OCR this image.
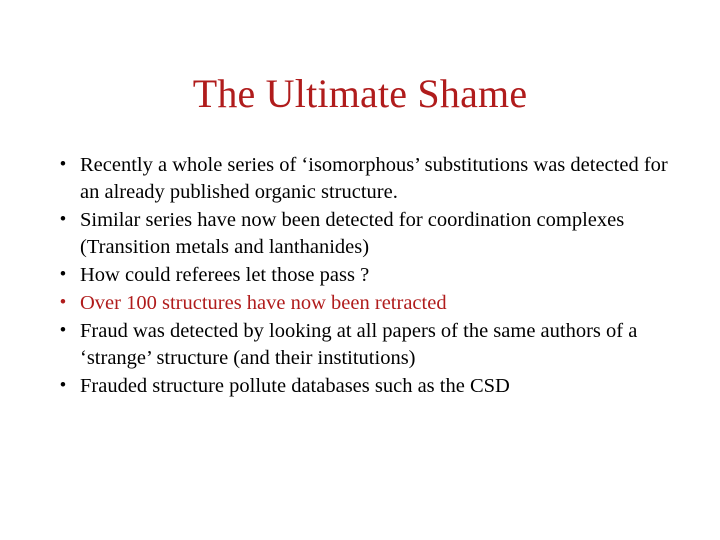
The Ultimate Shame
• Recently a whole series of ‘isomorphous’ substitutions was detected for an already published organic structure.
• Similar series have now been detected for coordination complexes (Transition metals and lanthanides)
• How could referees let those pass ?
• Over 100 structures have now been retracted
• Fraud was detected by looking at all papers of the same authors of a ‘strange’ structure (and their institutions)
• Frauded structure pollute databases such as the CSD
